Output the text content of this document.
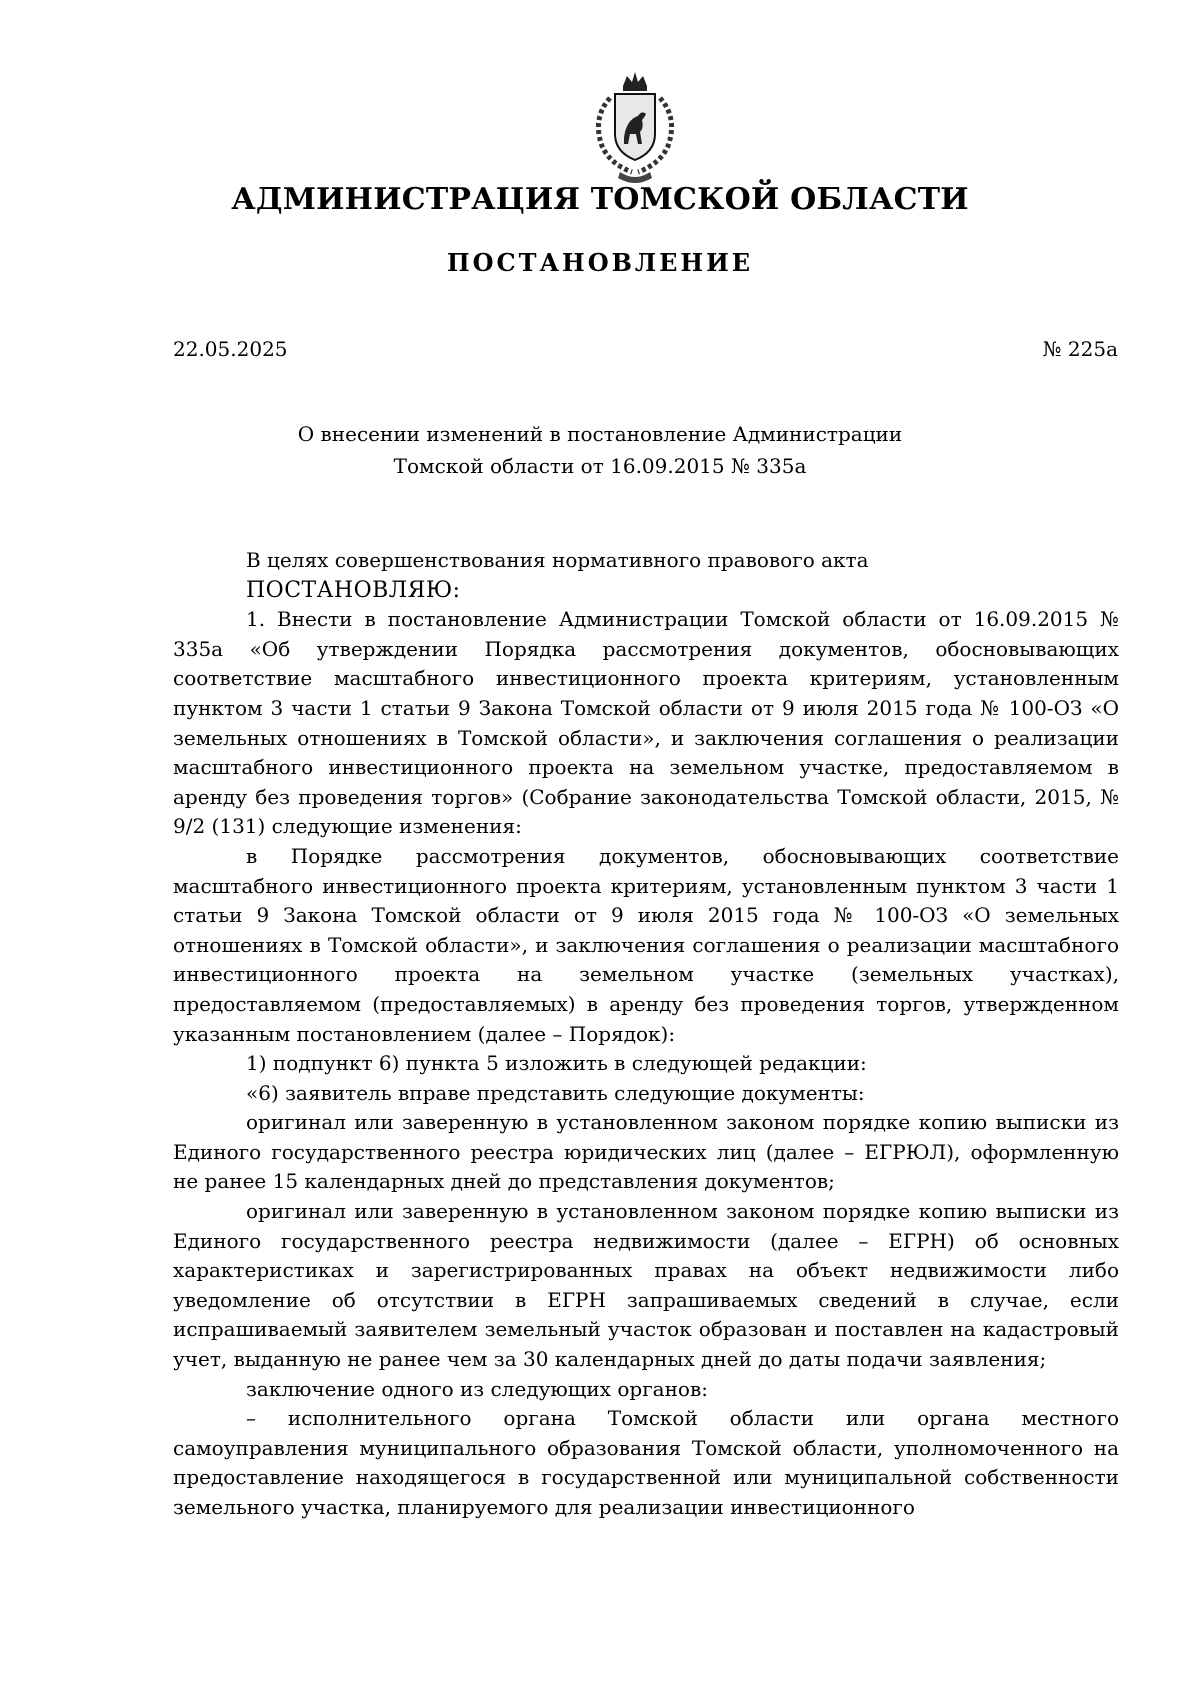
АДМИНИСТРАЦИЯ ТОМСКОЙ ОБЛАСТИ
ПОСТАНОВЛЕНИЕ
22.05.2025	№ 225а
О внесении изменений в постановление Администрации
Томской области от 16.09.2015 № 335а

В целях совершенствования нормативного правового акта

ПОСТАНОВЛЯЮ:

1. Внести в постановление Администрации Томской области от 16.09.2015 № 335а «Об утверждении Порядка рассмотрения документов, обосновывающих соответствие масштабного инвестиционного проекта критериям, установленным пунктом 3 части 1 статьи 9 Закона Томской области от 9 июля 2015 года № 100-ОЗ «О земельных отношениях в Томской области», и заключения соглашения о реализации масштабного инвестиционного проекта на земельном участке, предоставляемом в аренду без проведения торгов» (Собрание законодательства Томской области, 2015, № 9/2 (131) следующие изменения:

в Порядке рассмотрения документов, обосновывающих соответствие масштабного инвестиционного проекта критериям, установленным пунктом 3 части 1 статьи 9 Закона Томской области от 9 июля 2015 года № 100-ОЗ «О земельных отношениях в Томской области», и заключения соглашения о реализации масштабного инвестиционного проекта на земельном участке (земельных участках), предоставляемом (предоставляемых) в аренду без проведения торгов, утвержденном указанным постановлением (далее – Порядок):

1) подпункт 6) пункта 5 изложить в следующей редакции:

«6) заявитель вправе представить следующие документы:

оригинал или заверенную в установленном законом порядке копию выписки из Единого государственного реестра юридических лиц (далее – ЕГРЮЛ), оформленную не ранее 15 календарных дней до представления документов;

оригинал или заверенную в установленном законом порядке копию выписки из Единого государственного реестра недвижимости (далее – ЕГРН) об основных характеристиках и зарегистрированных правах на объект недвижимости либо уведомление об отсутствии в ЕГРН запрашиваемых сведений в случае, если испрашиваемый заявителем земельный участок образован и поставлен на кадастровый учет, выданную не ранее чем за 30 календарных дней до даты подачи заявления;

заключение одного из следующих органов:

– исполнительного органа Томской области или органа местного самоуправления муниципального образования Томской области, уполномоченного на предоставление находящегося в государственной или муниципальной собственности земельного участка, планируемого для реализации инвестиционного
